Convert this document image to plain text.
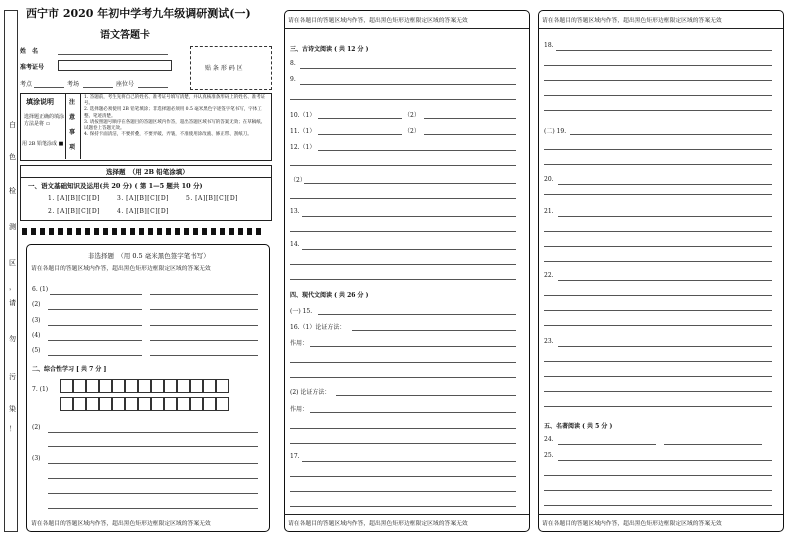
白
色
检
测
区
，
请
勿
污
染
！
西宁市 2020 年初中学考九年级调研测试(一)
语文答题卡
姓　名
准考证号
考点	考场	座位号
贴 条 形 码 区
填涂说明
选择题正确的填涂方法是将 ▭
用 2B 铅笔涂成 ■
注
意
事
项
1. 答题前，考生先将自己的姓名、准考证号填写清楚，并认真核准条形码上的姓名、准考证号。
2. 选择题必须使用 2B 铅笔填涂；非选择题必须用 0.5 毫米黑色字迹签字笔书写，字体工整、笔迹清楚。
3. 请按照题号顺序在各题目的答题区域内作答，超出答题区域书写的答案无效；在草稿纸、试题卷上答题无效。
4. 保持卡面清洁，不要折叠，不要弄破、弄皱，不准使用涂改液、修正带、刮纸刀。
选择题　（用 2B 铅笔涂填）
一、语文基础知识及运用(共 20 分) ( 第 1—5 题共 10 分)
1. [A][B][C][D]	3. [A][B][C][D]	5. [A][B][C][D]
2. [A][B][C][D]	4. [A][B][C][D]
非选择题　（用 0.5 毫米黑色签字笔书写）
请在各题目的答题区域内作答，超出黑色矩形边框限定区域的答案无效
6. (1)
(2)
(3)
(4)
(5)
二、综合性学习 [ 共 7 分 ]
7. (1)
(2)
(3)
请在各题目的答题区域内作答，超出黑色矩形边框限定区域的答案无效
请在各题目的答题区域内作答，超出黑色矩形边框限定区域的答案无效
三、古诗文阅读 ( 共 12 分 )
8.
9.
10.（1）	（2）
11.（1）	（2）
12.（1）
（2）
13.
14.
四、现代文阅读 ( 共 26 分 )
(一) 15.
16.（1）论证方法：
作用：
(2) 论证方法：
作用：
17.
请在各题目的答题区域内作答，超出黑色矩形边框限定区域的答案无效
请在各题目的答题区域内作答，超出黑色矩形边框限定区域的答案无效
18.
(二) 19.
20.
21.
22.
23.
五、名著阅读 ( 共 5 分 )
24.
25.
请在各题目的答题区域内作答，超出黑色矩形边框限定区域的答案无效
